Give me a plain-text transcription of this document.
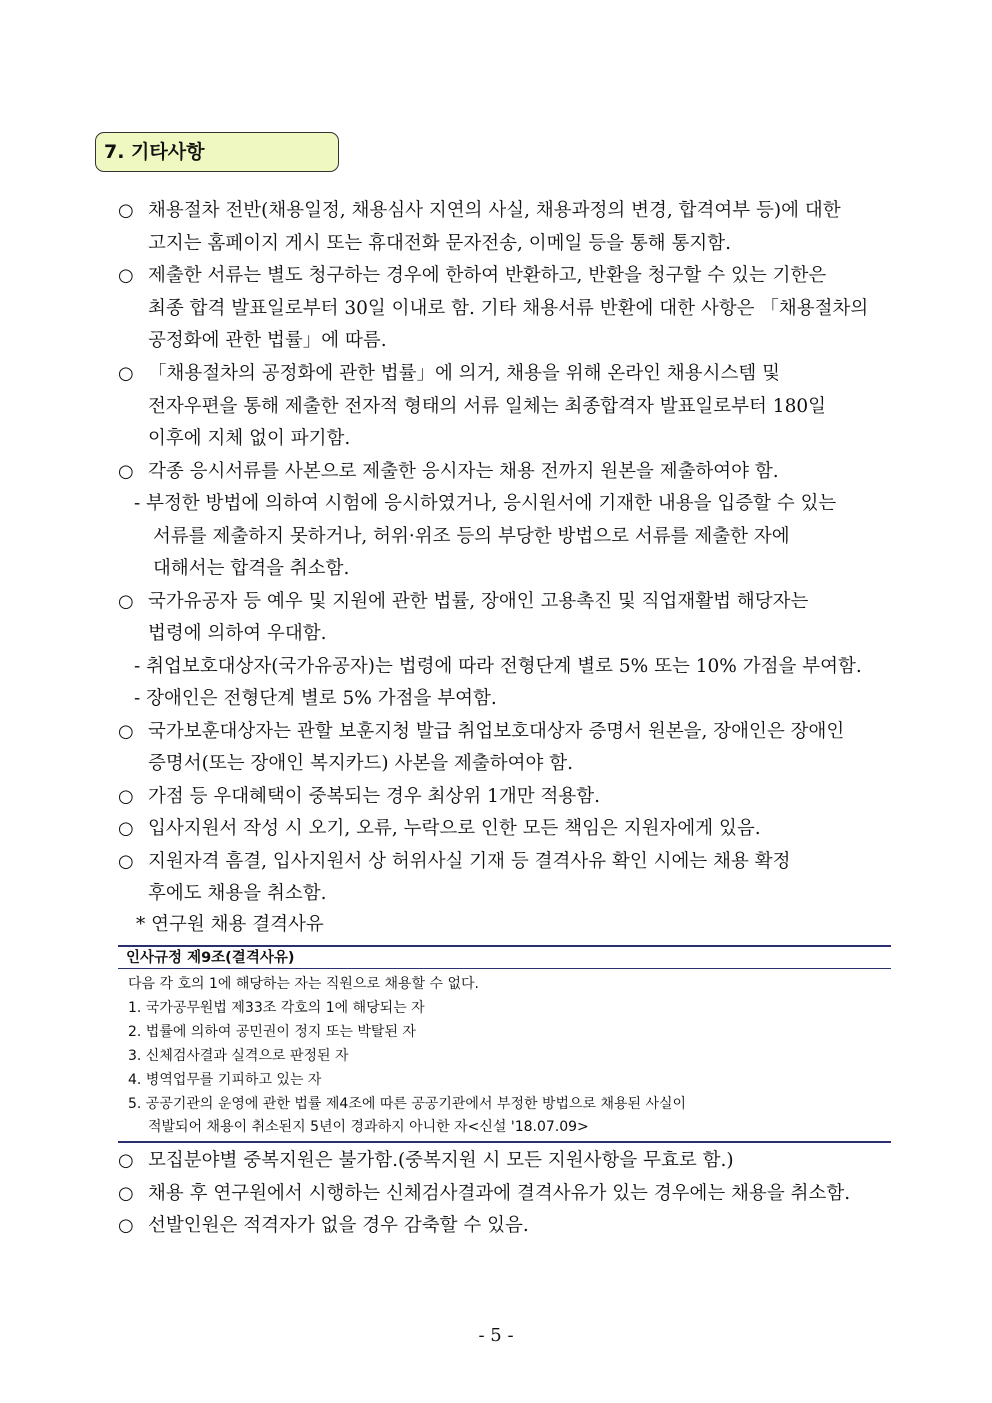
7. 기타사항
○ 채용절차 전반(채용일정, 채용심사 지연의 사실, 채용과정의 변경, 합격여부 등)에 대한
고지는 홈페이지 게시 또는 휴대전화 문자전송, 이메일 등을 통해 통지함.
○ 제출한 서류는 별도 청구하는 경우에 한하여 반환하고, 반환을 청구할 수 있는 기한은
최종 합격 발표일로부터 30일 이내로 함. 기타 채용서류 반환에 대한 사항은 「채용절차의
공정화에 관한 법률」에 따름.
○ 「채용절차의 공정화에 관한 법률」에 의거, 채용을 위해 온라인 채용시스템 및
전자우편을 통해 제출한 전자적 형태의 서류 일체는 최종합격자 발표일로부터 180일
이후에 지체 없이 파기함.
○ 각종 응시서류를 사본으로 제출한 응시자는 채용 전까지 원본을 제출하여야 함.
- 부정한 방법에 의하여 시험에 응시하였거나, 응시원서에 기재한 내용을 입증할 수 있는
서류를 제출하지 못하거나, 허위·위조 등의 부당한 방법으로 서류를 제출한 자에
대해서는 합격을 취소함.
○ 국가유공자 등 예우 및 지원에 관한 법률, 장애인 고용촉진 및 직업재활법 해당자는
법령에 의하여 우대함.
- 취업보호대상자(국가유공자)는 법령에 따라 전형단계 별로 5% 또는 10% 가점을 부여함.
- 장애인은 전형단계 별로 5% 가점을 부여함.
○ 국가보훈대상자는 관할 보훈지청 발급 취업보호대상자 증명서 원본을, 장애인은 장애인
증명서(또는 장애인 복지카드) 사본을 제출하여야 함.
○ 가점 등 우대혜택이 중복되는 경우 최상위 1개만 적용함.
○ 입사지원서 작성 시 오기, 오류, 누락으로 인한 모든 책임은 지원자에게 있음.
○ 지원자격 흠결, 입사지원서 상 허위사실 기재 등 결격사유 확인 시에는 채용 확정
후에도 채용을 취소함.
* 연구원 채용 결격사유
인사규정 제9조(결격사유)
다음 각 호의 1에 해당하는 자는 직원으로 채용할 수 없다.
1. 국가공무원법 제33조 각호의 1에 해당되는 자
2. 법률에 의하여 공민권이 정지 또는 박탈된 자
3. 신체검사결과 실격으로 판정된 자
4. 병역업무를 기피하고 있는 자
5. 공공기관의 운영에 관한 법률 제4조에 따른 공공기관에서 부정한 방법으로 채용된 사실이
적발되어 채용이 취소된지 5년이 경과하지 아니한 자<신설 '18.07.09>
○ 모집분야별 중복지원은 불가함.(중복지원 시 모든 지원사항을 무효로 함.)
○ 채용 후 연구원에서 시행하는 신체검사결과에 결격사유가 있는 경우에는 채용을 취소함.
○ 선발인원은 적격자가 없을 경우 감축할 수 있음.
- 5 -
